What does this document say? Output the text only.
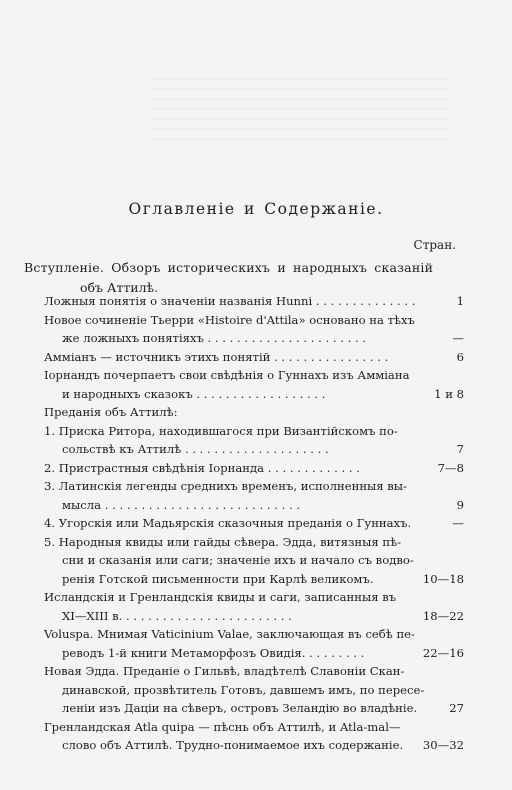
Оглавленіе и Содержаніе.
Стран.
Вступленіе. Обзоръ историческихъ и народныхъ сказаній
объ Аттилѣ.
Ложныя понятія о значеніи названія Hunni . . . . . . . . . . . . . .	1
Новое сочиненіе Тьерри «Histoire d'Attila» основано на тѣхъ
же ложныхъ понятіяхъ . . . . . . . . . . . . . . . . . . . . . .	—
Амміанъ — источникъ этихъ понятій . . . . . . . . . . . . . . . .	6
Іорнандъ почерпаетъ свои свѣдѣнія о Гуннахъ изъ Амміана
и народныхъ сказокъ . . . . . . . . . . . . . . . . . .	1 и 8
Преданія объ Аттилѣ:
1. Приска Ритора, находившагося при Византійскомъ по-
сольствѣ къ Аттилѣ . . . . . . . . . . . . . . . . . . . .	7
2. Пристрастныя свѣдѣнія Іорнанда . . . . . . . . . . . . .	7—8
3. Латинскія легенды среднихъ временъ, исполненныя вы-
мысла . . . . . . . . . . . . . . . . . . . . . . . . . . .	9
4. Угорскія или Мадьярскія сказочныя преданія о Гуннахъ.	—
5. Народныя квиды или гайды сѣвера. Эдда, витязныя пѣ-
сни и сказанія или саги; значеніе ихъ и начало съ водво-
ренія Готской письменности при Карлѣ великомъ.	10—18
Исландскія и Гренландскія квиды и саги, записанныя въ
XI—XIII в. . . . . . . . . . . . . . . . . . . . . . . .	18—22
Voluspa. Мнимая Vaticinium Valae, заключающая въ себѣ пе-
реводъ 1-й книги Метаморфозъ Овидія. . . . . . . . .	22—16
Новая Эдда. Преданіе о Гильвѣ, владѣтелѣ Славоніи Скан-
динавской, прозвѣтитель Готовъ, давшемъ имъ, по пересе-
леніи изъ Даціи на сѣверъ, островъ Зеландію во владѣніе.	27
Гренландская Atla quipa — пѣснь объ Аттилѣ, и Atla-mal—
слово объ Аттилѣ. Трудно-понимаемое ихъ содержаніе. 30—32
